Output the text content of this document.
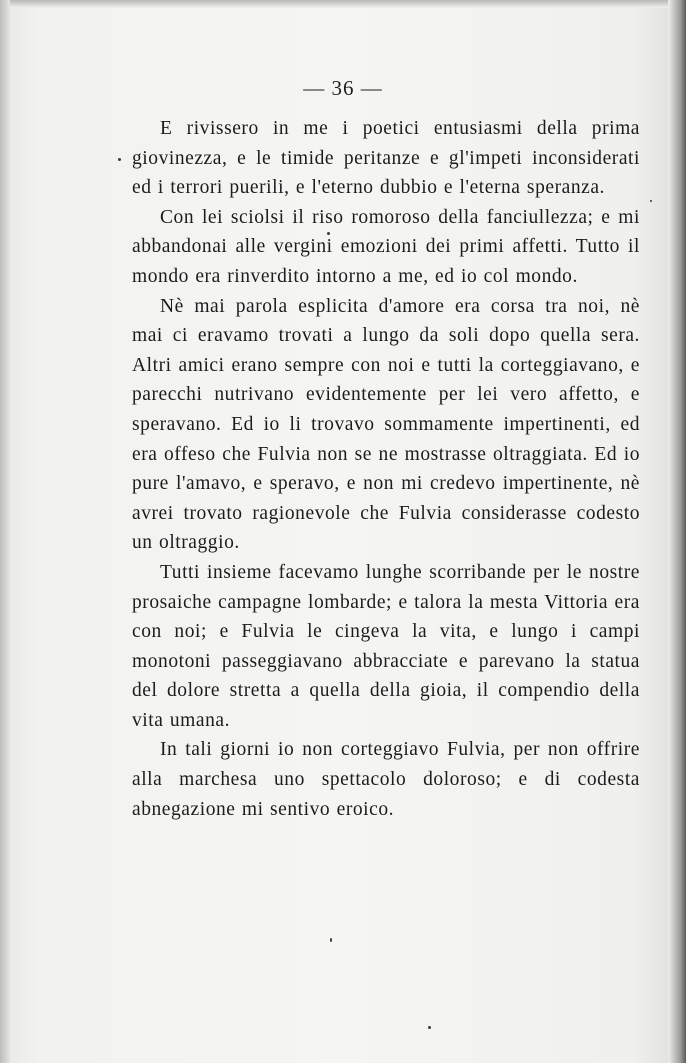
— 36 —

E rivissero in me i poetici entusiasmi della prima giovinezza, e le timide peritanze e gl'impeti inconsiderati ed i terrori puerili, e l'eterno dubbio e l'eterna speranza.

Con lei sciolsi il riso romoroso della fanciullezza; e mi abbandonai alle vergini emozioni dei primi affetti. Tutto il mondo era rinverdito intorno a me, ed io col mondo.

Nè mai parola esplicita d'amore era corsa tra noi, nè mai ci eravamo trovati a lungo da soli dopo quella sera. Altri amici erano sempre con noi e tutti la corteggiavano, e parecchi nutrivano evidentemente per lei vero affetto, e speravano. Ed io li trovavo sommamente impertinenti, ed era offeso che Fulvia non se ne mostrasse oltraggiata. Ed io pure l'amavo, e speravo, e non mi credevo impertinente, nè avrei trovato ragionevole che Fulvia considerasse codesto un oltraggio.

Tutti insieme facevamo lunghe scorribande per le nostre prosaiche campagne lombarde; e talora la mesta Vittoria era con noi; e Fulvia le cingeva la vita, e lungo i campi monotoni passeggiavano abbracciate e parevano la statua del dolore stretta a quella della gioia, il compendio della vita umana.

In tali giorni io non corteggiavo Fulvia, per non offrire alla marchesa uno spettacolo doloroso; e di codesta abnegazione mi sentivo eroico.
